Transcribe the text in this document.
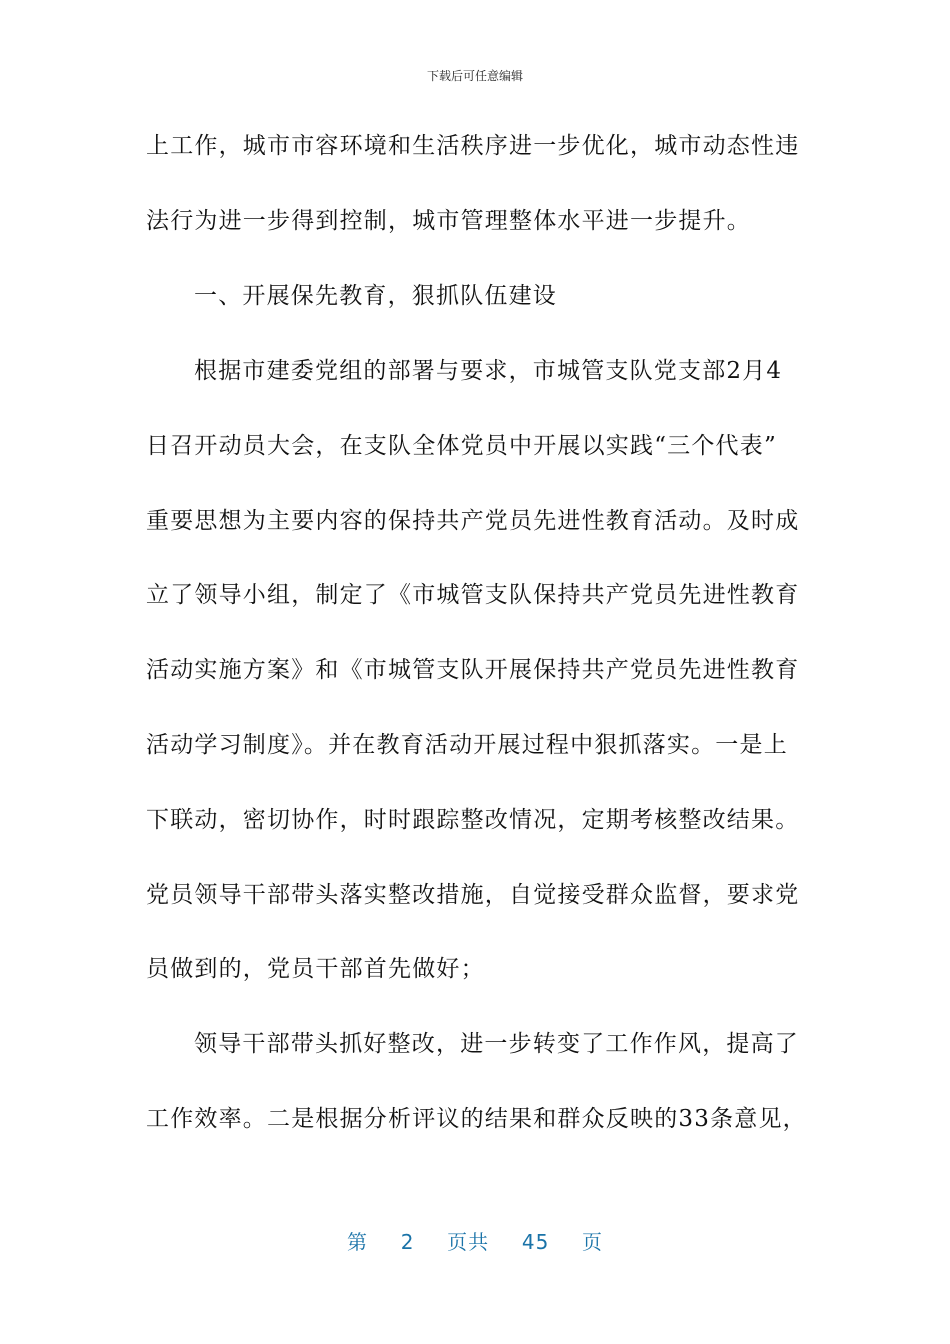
下载后可任意编辑
上工作，城市市容环境和生活秩序进一步优化，城市动态性违
法行为进一步得到控制，城市管理整体水平进一步提升。
一、开展保先教育，狠抓队伍建设
根据市建委党组的部署与要求，市城管支队党支部2月4
日召开动员大会，在支队全体党员中开展以实践“三个代表”
重要思想为主要内容的保持共产党员先进性教育活动。及时成
立了领导小组，制定了《市城管支队保持共产党员先进性教育
活动实施方案》和《市城管支队开展保持共产党员先进性教育
活动学习制度》。并在教育活动开展过程中狠抓落实。一是上
下联动，密切协作，时时跟踪整改情况，定期考核整改结果。
党员领导干部带头落实整改措施，自觉接受群众监督，要求党
员做到的，党员干部首先做好；
领导干部带头抓好整改，进一步转变了工作作风，提高了
工作效率。二是根据分析评议的结果和群众反映的33条意见，
第 2 页共 45 页
